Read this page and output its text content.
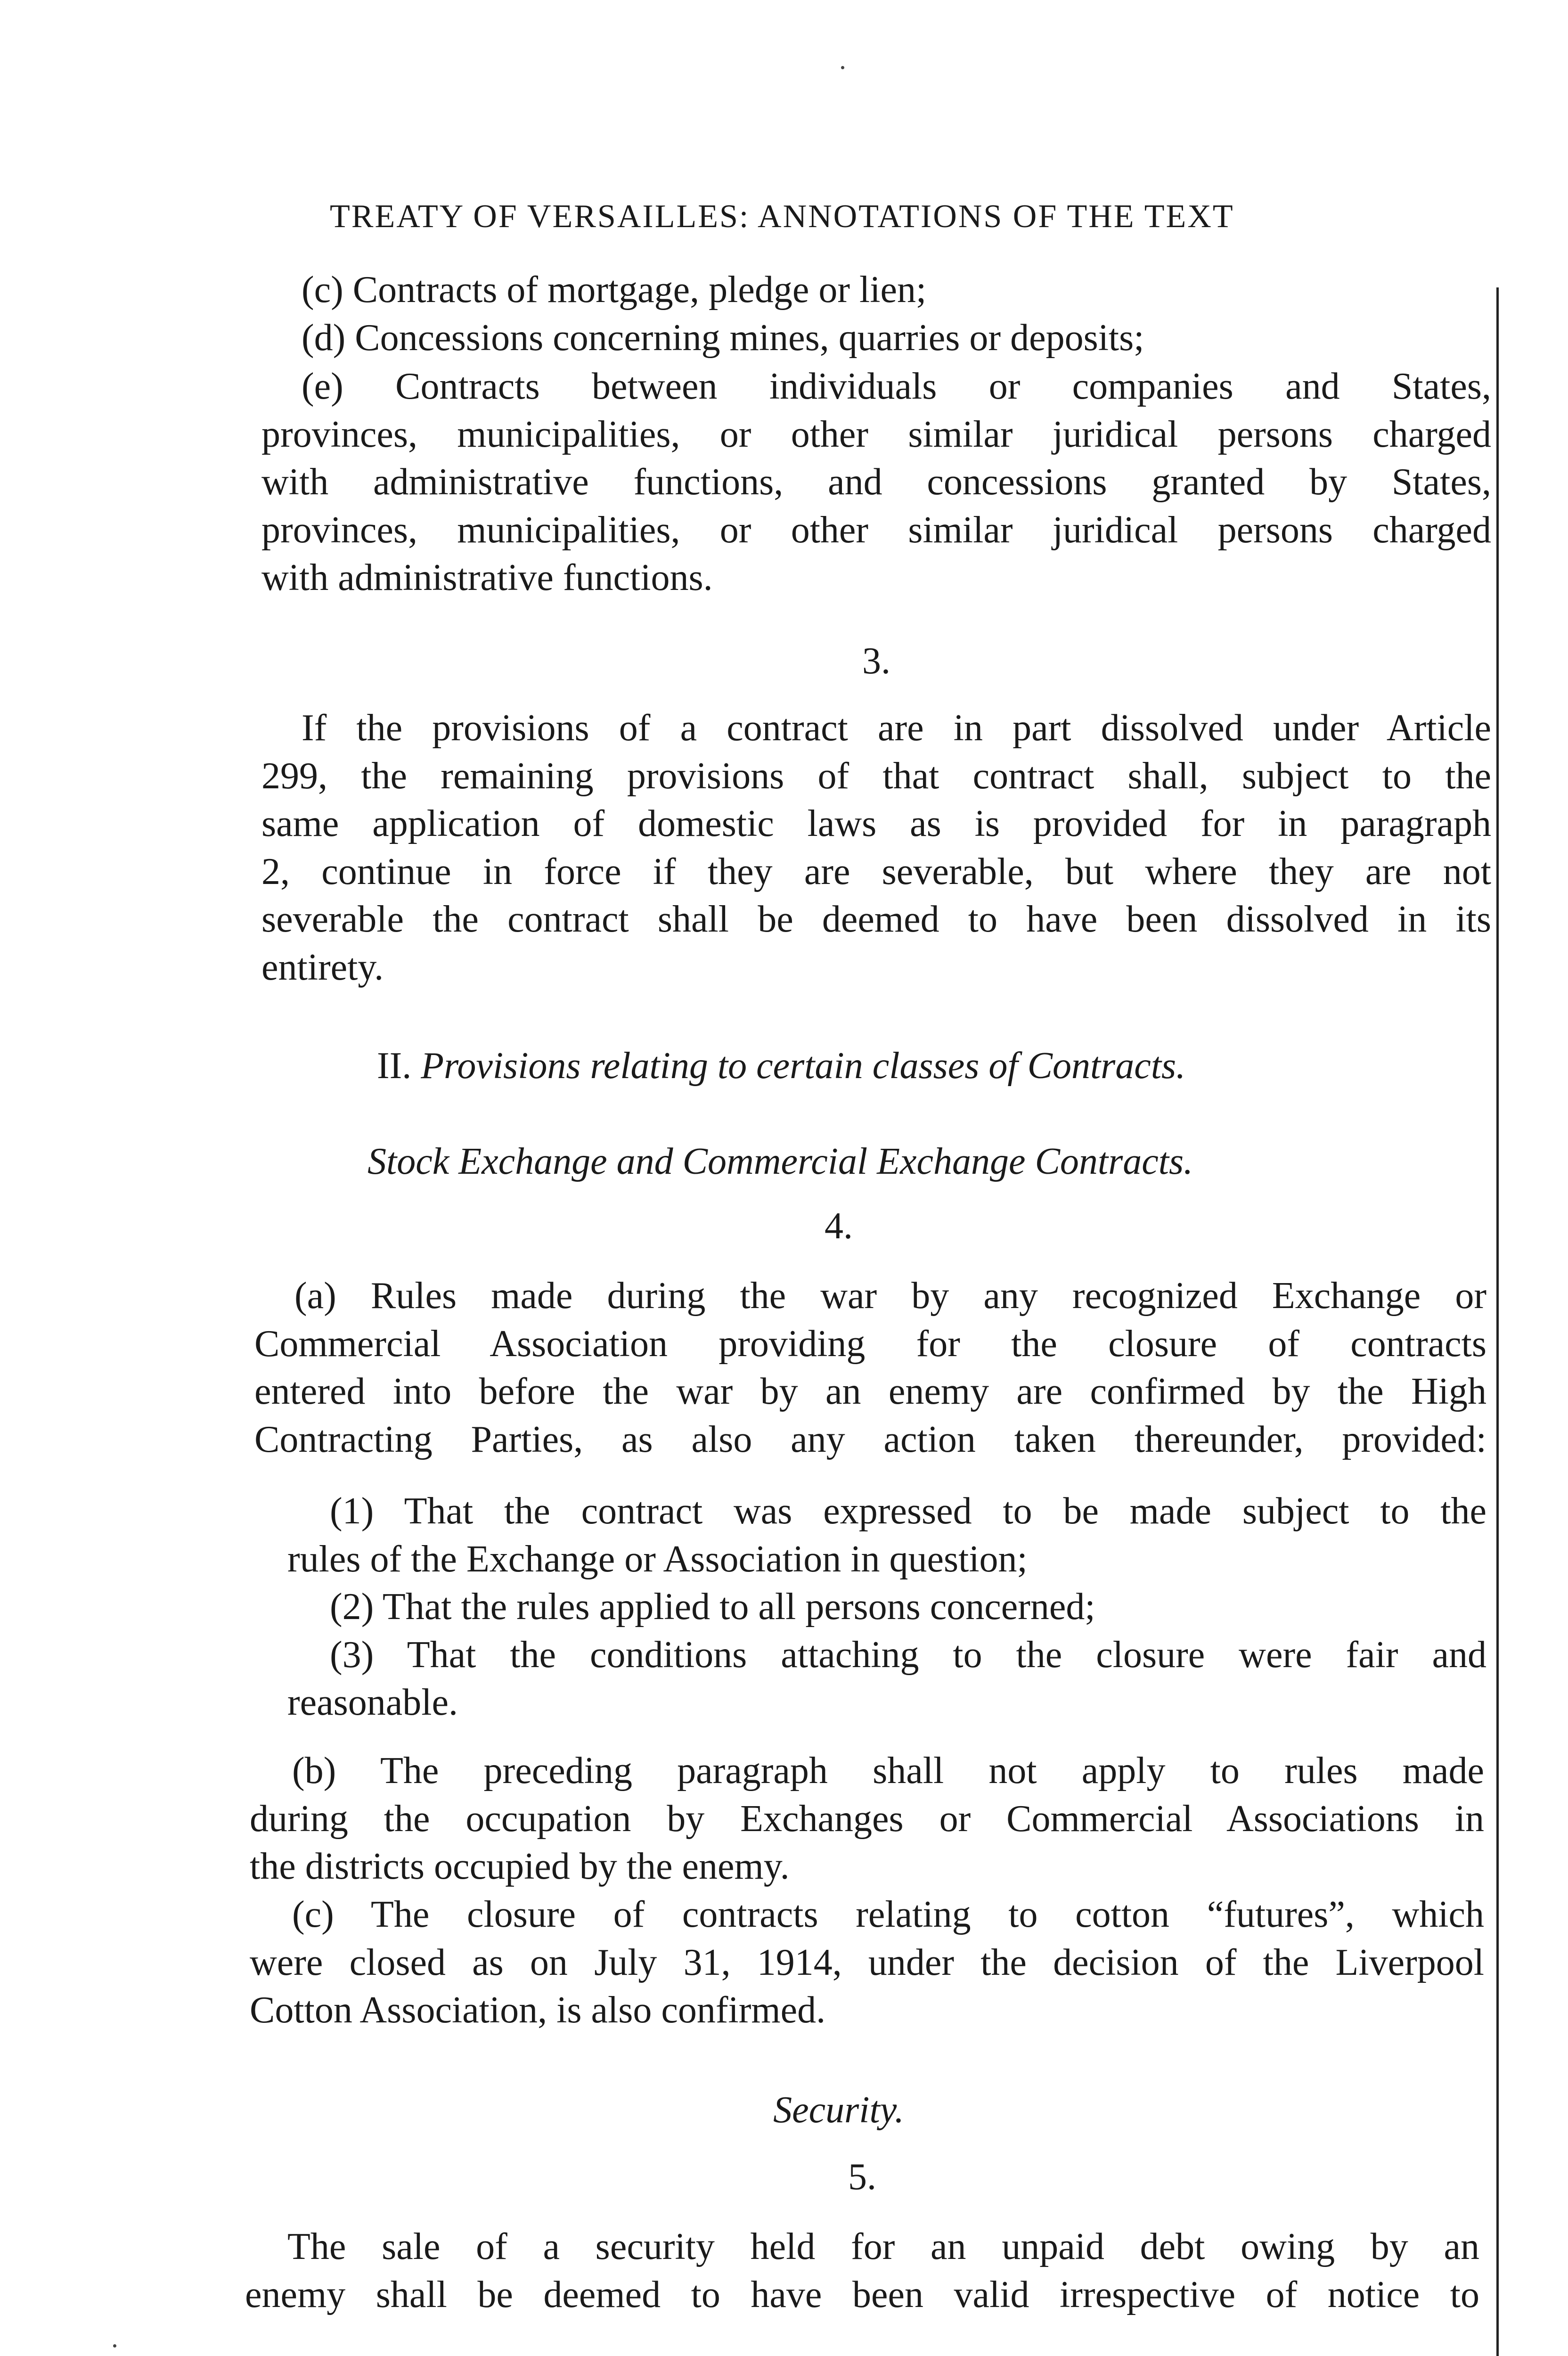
TREATY OF VERSAILLES: ANNOTATIONS OF THE TEXT

(c) Contracts of mortgage, pledge or lien;

(d) Concessions concerning mines, quarries or deposits;

(e) Contracts between individuals or companies and States,

provinces, municipalities, or other similar juridical persons charged

with administrative functions, and concessions granted by States,

provinces, municipalities, or other similar juridical persons charged

with administrative functions.

3.

If the provisions of a contract are in part dissolved under Article

299, the remaining provisions of that contract shall, subject to the

same application of domestic laws as is provided for in paragraph

2, continue in force if they are severable, but where they are not

severable the contract shall be deemed to have been dissolved in its

entirety.

II. Provisions relating to certain classes of Contracts.

Stock Exchange and Commercial Exchange Contracts.

4.

(a) Rules made during the war by any recognized Exchange or

Commercial Association providing for the closure of contracts

entered into before the war by an enemy are confirmed by the High

Contracting Parties, as also any action taken thereunder, provided:

(1) That the contract was expressed to be made subject to the

rules of the Exchange or Association in question;

(2) That the rules applied to all persons concerned;

(3) That the conditions attaching to the closure were fair and

reasonable.

(b) The preceding paragraph shall not apply to rules made

during the occupation by Exchanges or Commercial Associations in

the districts occupied by the enemy.

(c) The closure of contracts relating to cotton “futures”, which

were closed as on July 31, 1914, under the decision of the Liverpool

Cotton Association, is also confirmed.

Security.

5.

The sale of a security held for an unpaid debt owing by an

enemy shall be deemed to have been valid irrespective of notice to
